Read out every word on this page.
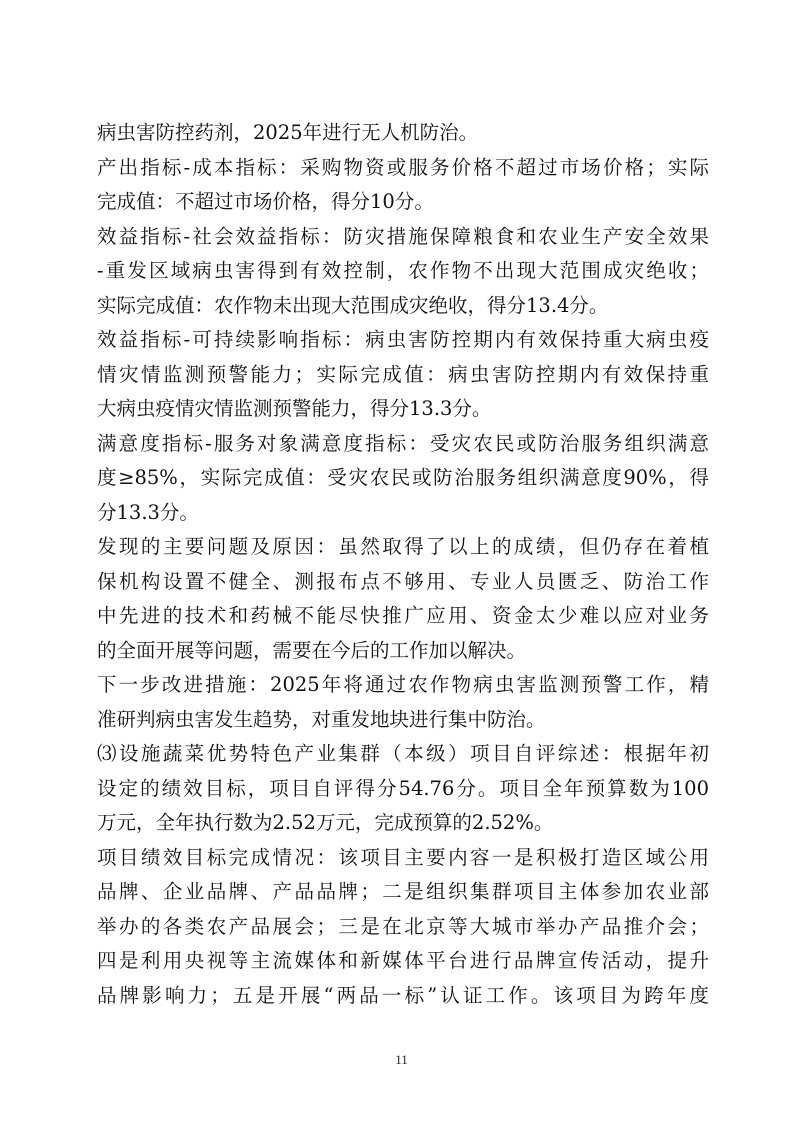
病虫害防控药剂，2025年进行无人机防治。
产出指标-成本指标：采购物资或服务价格不超过市场价格；实际
完成值：不超过市场价格，得分10分。
效益指标-社会效益指标：防灾措施保障粮食和农业生产安全效果
-重发区域病虫害得到有效控制，农作物不出现大范围成灾绝收；
实际完成值：农作物未出现大范围成灾绝收，得分13.4分。
效益指标-可持续影响指标：病虫害防控期内有效保持重大病虫疫
情灾情监测预警能力；实际完成值：病虫害防控期内有效保持重
大病虫疫情灾情监测预警能力，得分13.3分。
满意度指标-服务对象满意度指标：受灾农民或防治服务组织满意
度≥85%，实际完成值：受灾农民或防治服务组织满意度90%，得
分13.3分。
发现的主要问题及原因：虽然取得了以上的成绩，但仍存在着植
保机构设置不健全、测报布点不够用、专业人员匮乏、防治工作
中先进的技术和药械不能尽快推广应用、资金太少难以应对业务
的全面开展等问题，需要在今后的工作加以解决。
下一步改进措施：2025年将通过农作物病虫害监测预警工作，精
准研判病虫害发生趋势，对重发地块进行集中防治。
⑶设施蔬菜优势特色产业集群（本级）项目自评综述：根据年初
设定的绩效目标，项目自评得分54.76分。项目全年预算数为100
万元，全年执行数为2.52万元，完成预算的2.52%。
项目绩效目标完成情况：该项目主要内容一是积极打造区域公用
品牌、企业品牌、产品品牌；二是组织集群项目主体参加农业部
举办的各类农产品展会；三是在北京等大城市举办产品推介会；
四是利用央视等主流媒体和新媒体平台进行品牌宣传活动，提升
品牌影响力；五是开展“两品一标”认证工作。该项目为跨年度
11
